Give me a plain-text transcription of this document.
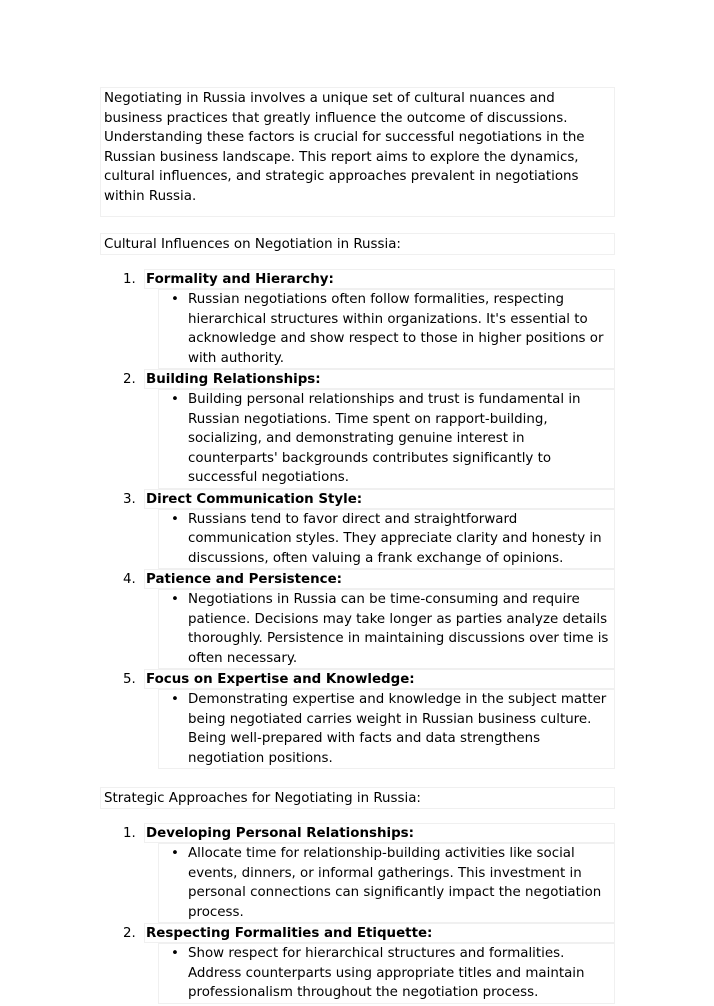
Negotiating in Russia involves a unique set of cultural nuances and business practices that greatly influence the outcome of discussions. Understanding these factors is crucial for successful negotiations in the Russian business landscape. This report aims to explore the dynamics, cultural influences, and strategic approaches prevalent in negotiations within Russia.
Cultural Influences on Negotiation in Russia:
1. Formality and Hierarchy:
• Russian negotiations often follow formalities, respecting hierarchical structures within organizations. It's essential to acknowledge and show respect to those in higher positions or with authority.
2. Building Relationships:
• Building personal relationships and trust is fundamental in Russian negotiations. Time spent on rapport-building, socializing, and demonstrating genuine interest in counterparts' backgrounds contributes significantly to successful negotiations.
3. Direct Communication Style:
• Russians tend to favor direct and straightforward communication styles. They appreciate clarity and honesty in discussions, often valuing a frank exchange of opinions.
4. Patience and Persistence:
• Negotiations in Russia can be time-consuming and require patience. Decisions may take longer as parties analyze details thoroughly. Persistence in maintaining discussions over time is often necessary.
5. Focus on Expertise and Knowledge:
• Demonstrating expertise and knowledge in the subject matter being negotiated carries weight in Russian business culture. Being well-prepared with facts and data strengthens negotiation positions.
Strategic Approaches for Negotiating in Russia:
1. Developing Personal Relationships:
• Allocate time for relationship-building activities like social events, dinners, or informal gatherings. This investment in personal connections can significantly impact the negotiation process.
2. Respecting Formalities and Etiquette:
• Show respect for hierarchical structures and formalities. Address counterparts using appropriate titles and maintain professionalism throughout the negotiation process.
